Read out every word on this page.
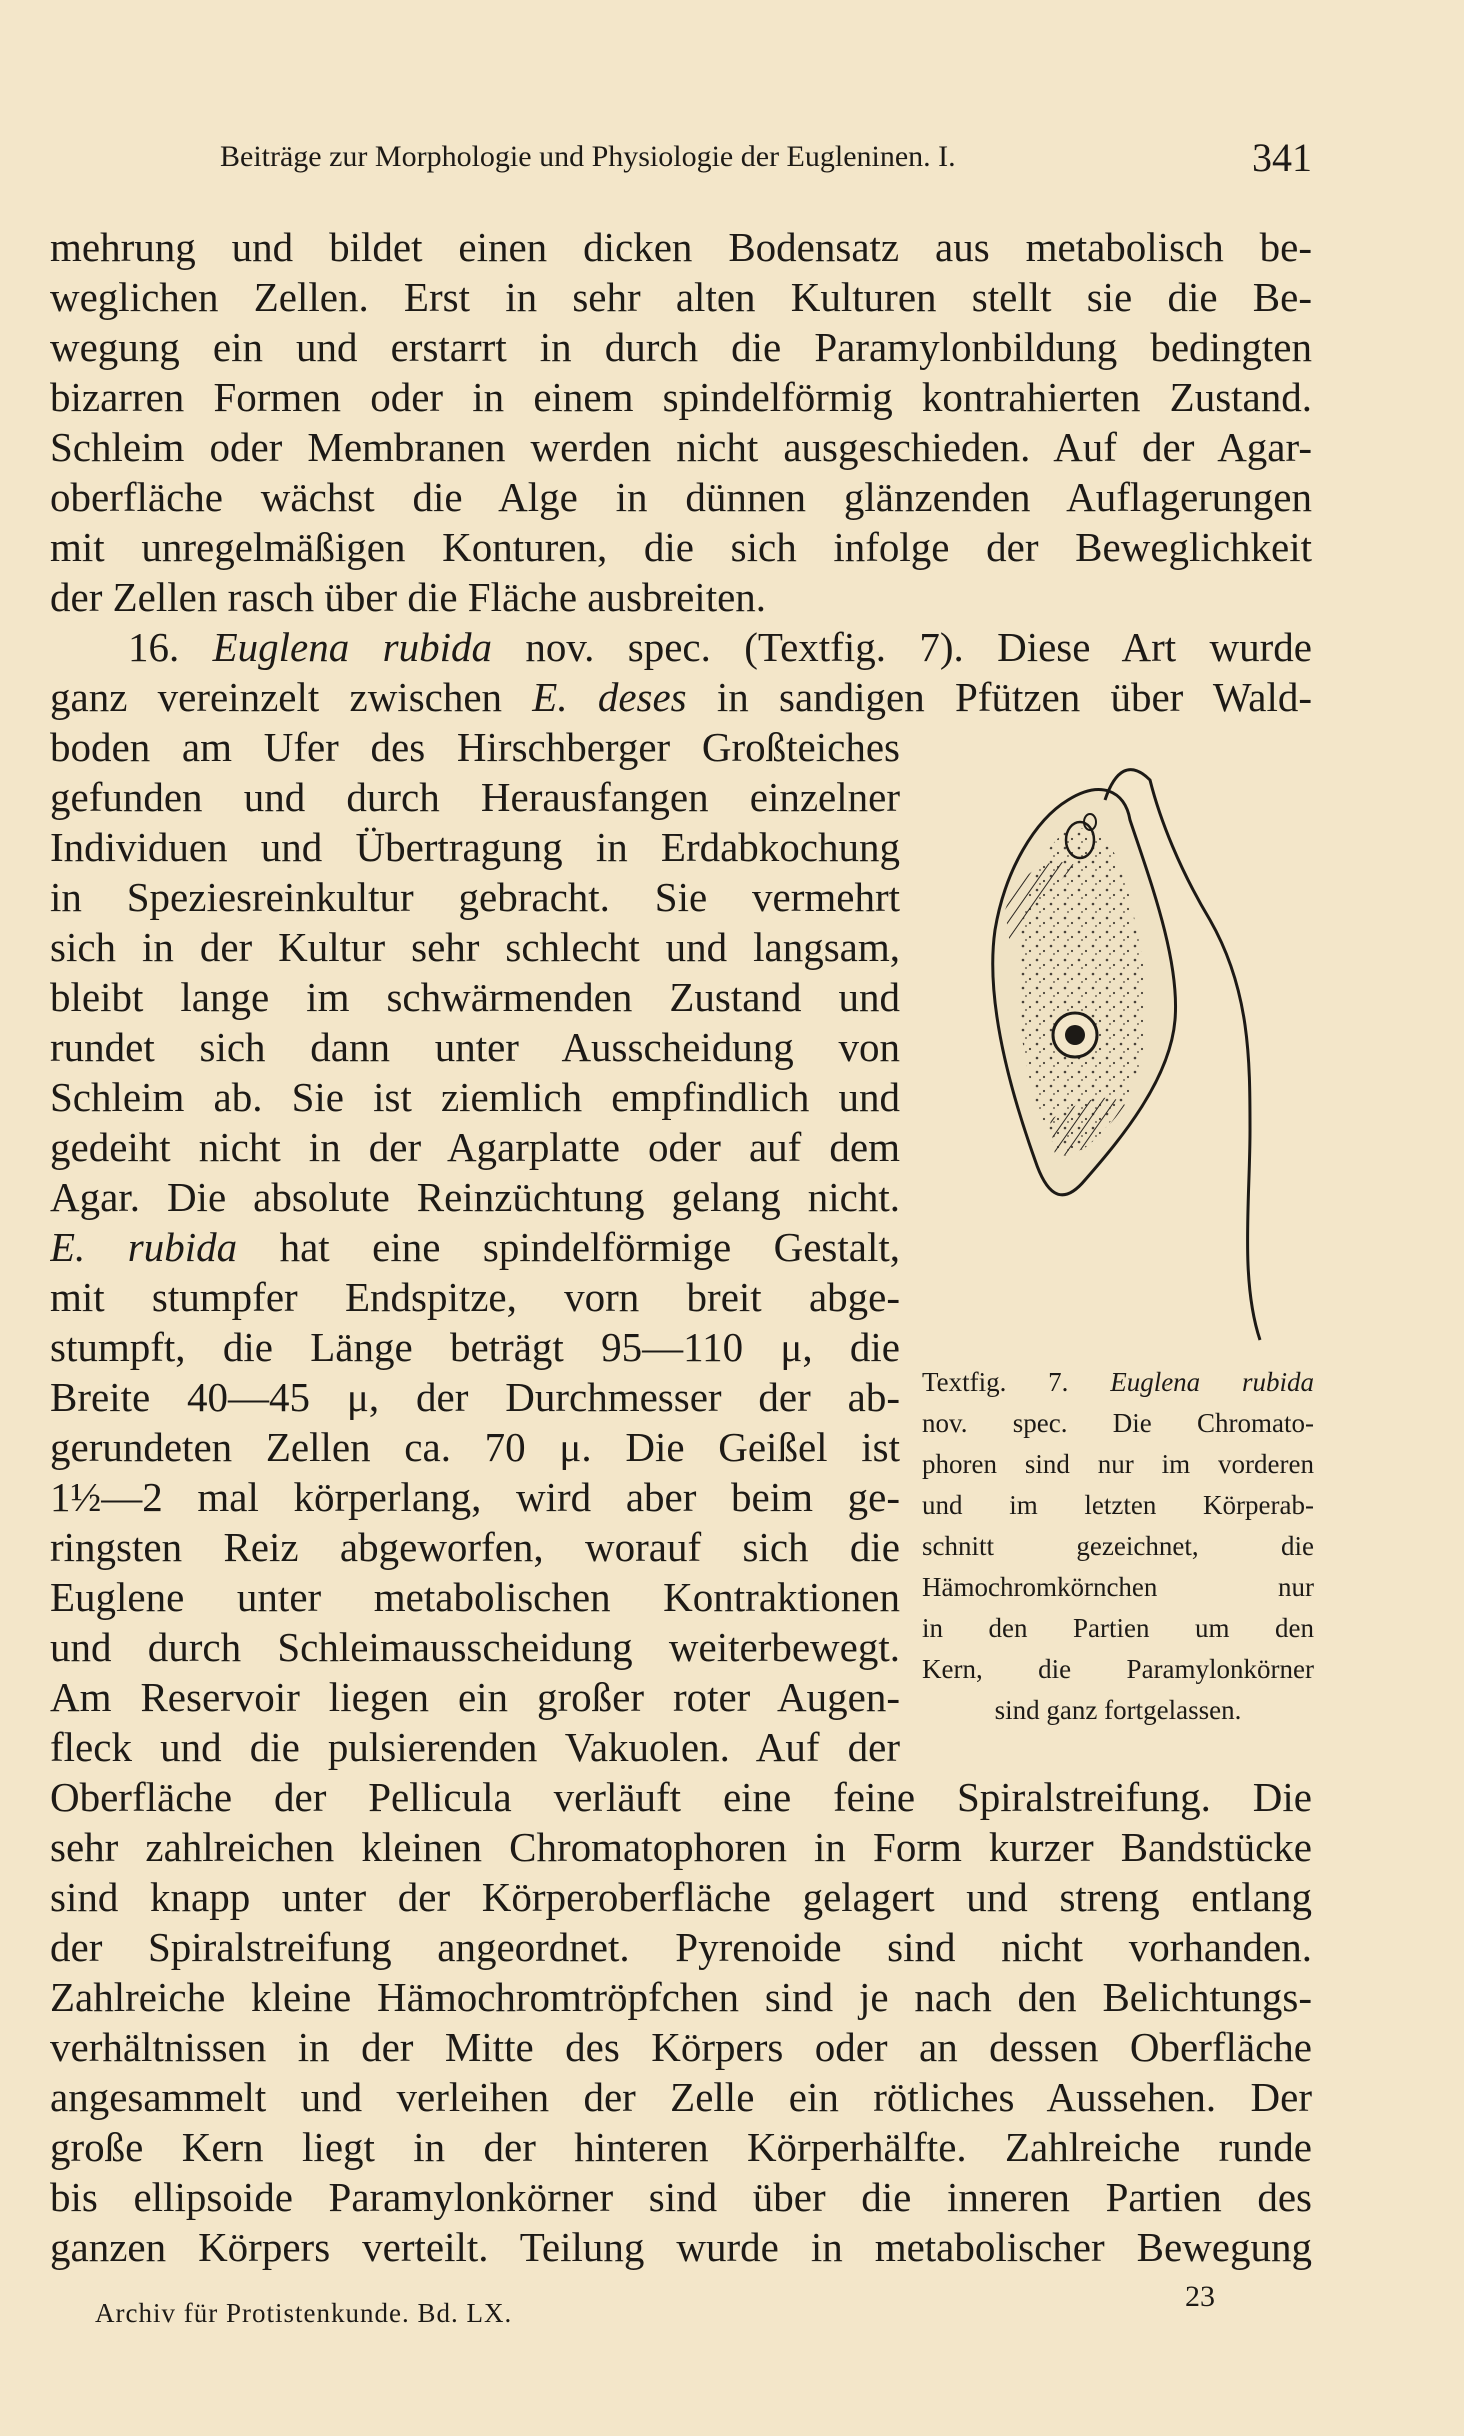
Beiträge zur Morphologie und Physiologie der Eugleninen. I.	341
mehrung und bildet einen dicken Bodensatz aus metabolisch be-
weglichen Zellen. Erst in sehr alten Kulturen stellt sie die Be-
wegung ein und erstarrt in durch die Paramylonbildung bedingten
bizarren Formen oder in einem spindelförmig kontrahierten Zustand.
Schleim oder Membranen werden nicht ausgeschieden. Auf der Agar-
oberfläche wächst die Alge in dünnen glänzenden Auflagerungen
mit unregelmäßigen Konturen, die sich infolge der Beweglichkeit
der Zellen rasch über die Fläche ausbreiten.
16. Euglena rubida nov. spec. (Textfig. 7). Diese Art wurde
ganz vereinzelt zwischen E. deses in sandigen Pfützen über Wald-
boden am Ufer des Hirschberger Großteiches
gefunden und durch Herausfangen einzelner
Individuen und Übertragung in Erdabkochung
in Speziesreinkultur gebracht. Sie vermehrt
sich in der Kultur sehr schlecht und langsam,
bleibt lange im schwärmenden Zustand und
rundet sich dann unter Ausscheidung von
Schleim ab. Sie ist ziemlich empfindlich und
gedeiht nicht in der Agarplatte oder auf dem
Agar. Die absolute Reinzüchtung gelang nicht.
E. rubida hat eine spindelförmige Gestalt,
mit stumpfer Endspitze, vorn breit abge-
stumpft, die Länge beträgt 95—110 μ, die
Breite 40—45 μ, der Durchmesser der ab-
gerundeten Zellen ca. 70 μ. Die Geißel ist
1½—2 mal körperlang, wird aber beim ge-
ringsten Reiz abgeworfen, worauf sich die
Euglene unter metabolischen Kontraktionen
und durch Schleimausscheidung weiterbewegt.
Am Reservoir liegen ein großer roter Augen-
fleck und die pulsierenden Vakuolen. Auf der
Oberfläche der Pellicula verläuft eine feine Spiralstreifung. Die
sehr zahlreichen kleinen Chromatophoren in Form kurzer Bandstücke
sind knapp unter der Körperoberfläche gelagert und streng entlang
der Spiralstreifung angeordnet. Pyrenoide sind nicht vorhanden.
Zahlreiche kleine Hämochromtröpfchen sind je nach den Belichtungs-
verhältnissen in der Mitte des Körpers oder an dessen Oberfläche
angesammelt und verleihen der Zelle ein rötliches Aussehen. Der
große Kern liegt in der hinteren Körperhälfte. Zahlreiche runde
bis ellipsoide Paramylonkörner sind über die inneren Partien des
ganzen Körpers verteilt. Teilung wurde in metabolischer Bewegung
Textfig. 7. Euglena rubida
nov. spec. Die Chromato-
phoren sind nur im vorderen
und im letzten Körperab-
schnitt gezeichnet, die
Hämochromkörnchen nur
in den Partien um den
Kern, die Paramylonkörner
sind ganz fortgelassen.
Archiv für Protistenkunde. Bd. LX.	23
